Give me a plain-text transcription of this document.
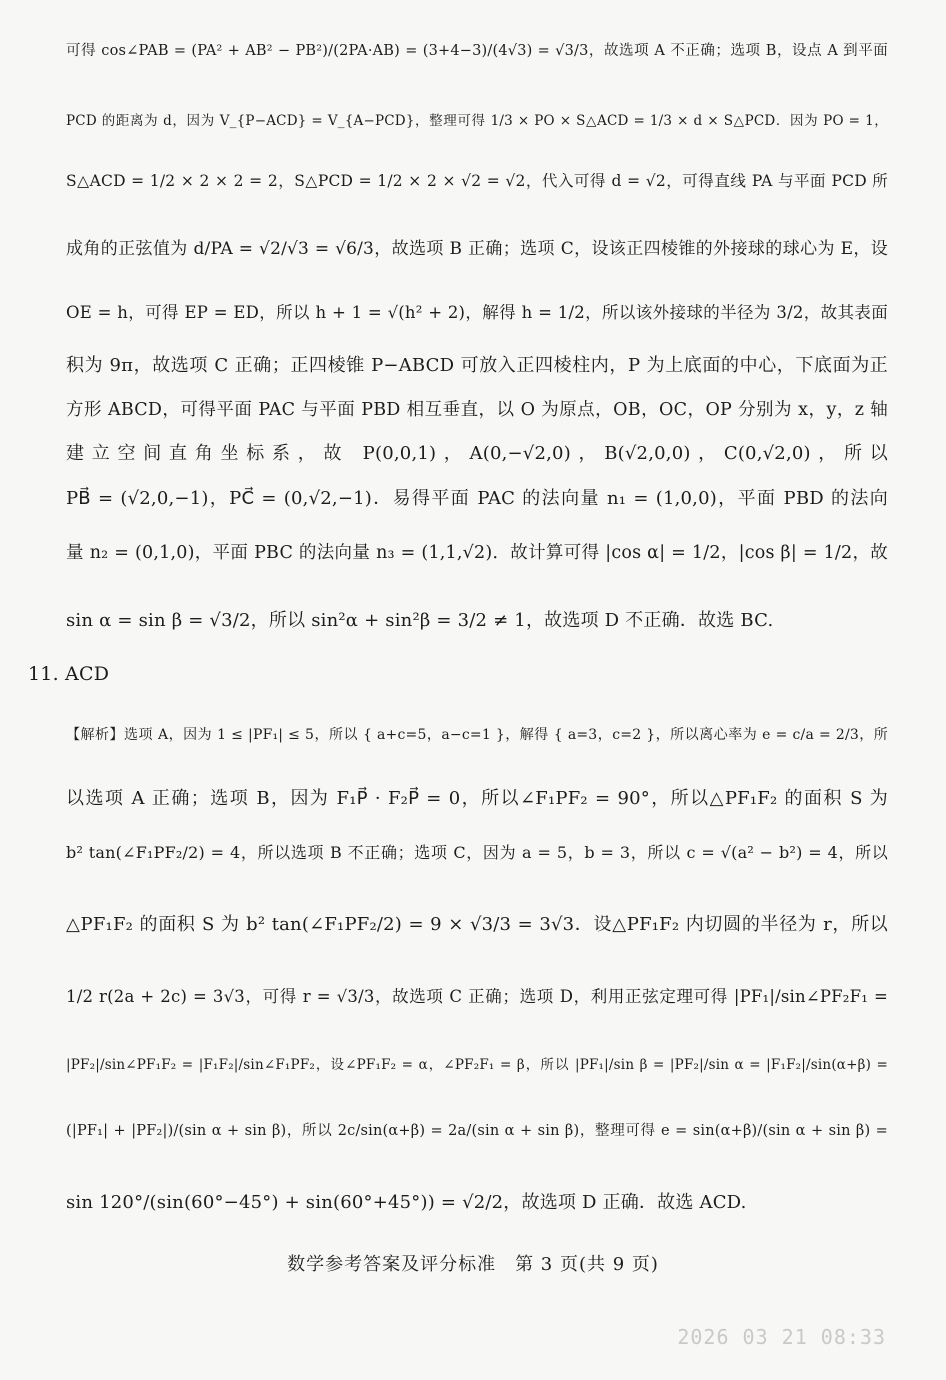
可得 cos∠PAB = (PA² + AB² − PB²)/(2PA·AB) = (3+4−3)/(4√3) = √3/3，故选项 A 不正确；选项 B，设点 A 到平面
PCD 的距离为 d，因为 V_{P−ACD} = V_{A−PCD}，整理可得 1/3 × PO × S△ACD = 1/3 × d × S△PCD．因为 PO = 1，
S△ACD = 1/2 × 2 × 2 = 2，S△PCD = 1/2 × 2 × √2 = √2，代入可得 d = √2，可得直线 PA 与平面 PCD 所
成角的正弦值为 d/PA = √2/√3 = √6/3，故选项 B 正确；选项 C，设该正四棱锥的外接球的球心为 E，设
OE = h，可得 EP = ED，所以 h + 1 = √(h² + 2)，解得 h = 1/2，所以该外接球的半径为 3/2，故其表面
积为 9π，故选项 C 正确；正四棱锥 P−ABCD 可放入正四棱柱内，P 为上底面的中心，下底面为正
方形 ABCD，可得平面 PAC 与平面 PBD 相互垂直，以 O 为原点，OB，OC，OP 分别为 x，y，z 轴
建立空间直角坐标系，故 P(0,0,1)，A(0,−√2,0)，B(√2,0,0)，C(0,√2,0)，所以
PB⃗ = (√2,0,−1)，PC⃗ = (0,√2,−1)．易得平面 PAC 的法向量 n₁ = (1,0,0)，平面 PBD 的法向
量 n₂ = (0,1,0)，平面 PBC 的法向量 n₃ = (1,1,√2)．故计算可得 |cos α| = 1/2，|cos β| = 1/2，故
sin α = sin β = √3/2，所以 sin²α + sin²β = 3/2 ≠ 1，故选项 D 不正确．故选 BC.
11. ACD
【解析】选项 A，因为 1 ≤ |PF₁| ≤ 5，所以 { a+c=5，a−c=1 }，解得 { a=3，c=2 }，所以离心率为 e = c/a = 2/3，所
以选项 A 正确；选项 B，因为 F₁P⃗ · F₂P⃗ = 0，所以∠F₁PF₂ = 90°，所以△PF₁F₂ 的面积 S 为
b² tan(∠F₁PF₂/2) = 4，所以选项 B 不正确；选项 C，因为 a = 5，b = 3，所以 c = √(a² − b²) = 4，所以
△PF₁F₂ 的面积 S 为 b² tan(∠F₁PF₂/2) = 9 × √3/3 = 3√3．设△PF₁F₂ 内切圆的半径为 r，所以
1/2 r(2a + 2c) = 3√3，可得 r = √3/3，故选项 C 正确；选项 D，利用正弦定理可得 |PF₁|/sin∠PF₂F₁ =
|PF₂|/sin∠PF₁F₂ = |F₁F₂|/sin∠F₁PF₂，设∠PF₁F₂ = α，∠PF₂F₁ = β，所以 |PF₁|/sin β = |PF₂|/sin α = |F₁F₂|/sin(α+β) =
(|PF₁| + |PF₂|)/(sin α + sin β)，所以 2c/sin(α+β) = 2a/(sin α + sin β)，整理可得 e = sin(α+β)/(sin α + sin β) =
sin 120°/(sin(60°−45°) + sin(60°+45°)) = √2/2，故选项 D 正确．故选 ACD.
数学参考答案及评分标准　第 3 页(共 9 页)
2026 03 21 08:33
